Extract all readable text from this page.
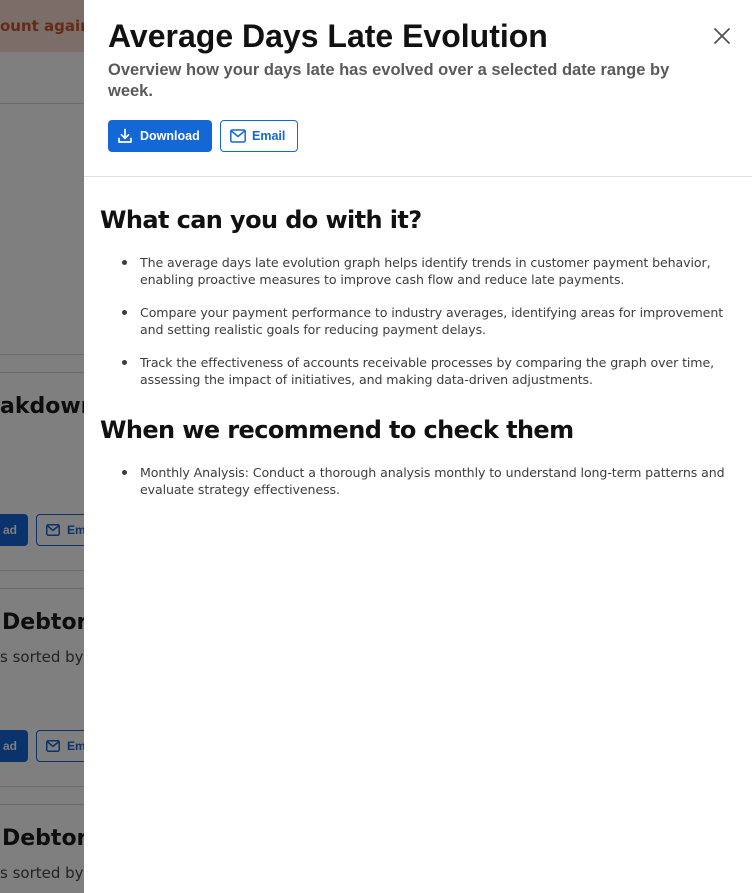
Average Days Late Evolution

Overview how your days late has evolved over a selected date range by week.

Download	Email
What can you do with it?
The average days late evolution graph helps identify trends in customer payment behavior, enabling proactive measures to improve cash flow and reduce late payments.
Compare your payment performance to industry averages, identifying areas for improvement and setting realistic goals for reducing payment delays.
Track the effectiveness of accounts receivable processes by comparing the graph over time, assessing the impact of initiatives, and making data-driven adjustments.
When we recommend to check them
Monthly Analysis: Conduct a thorough analysis monthly to understand long-term patterns and evaluate strategy effectiveness.
